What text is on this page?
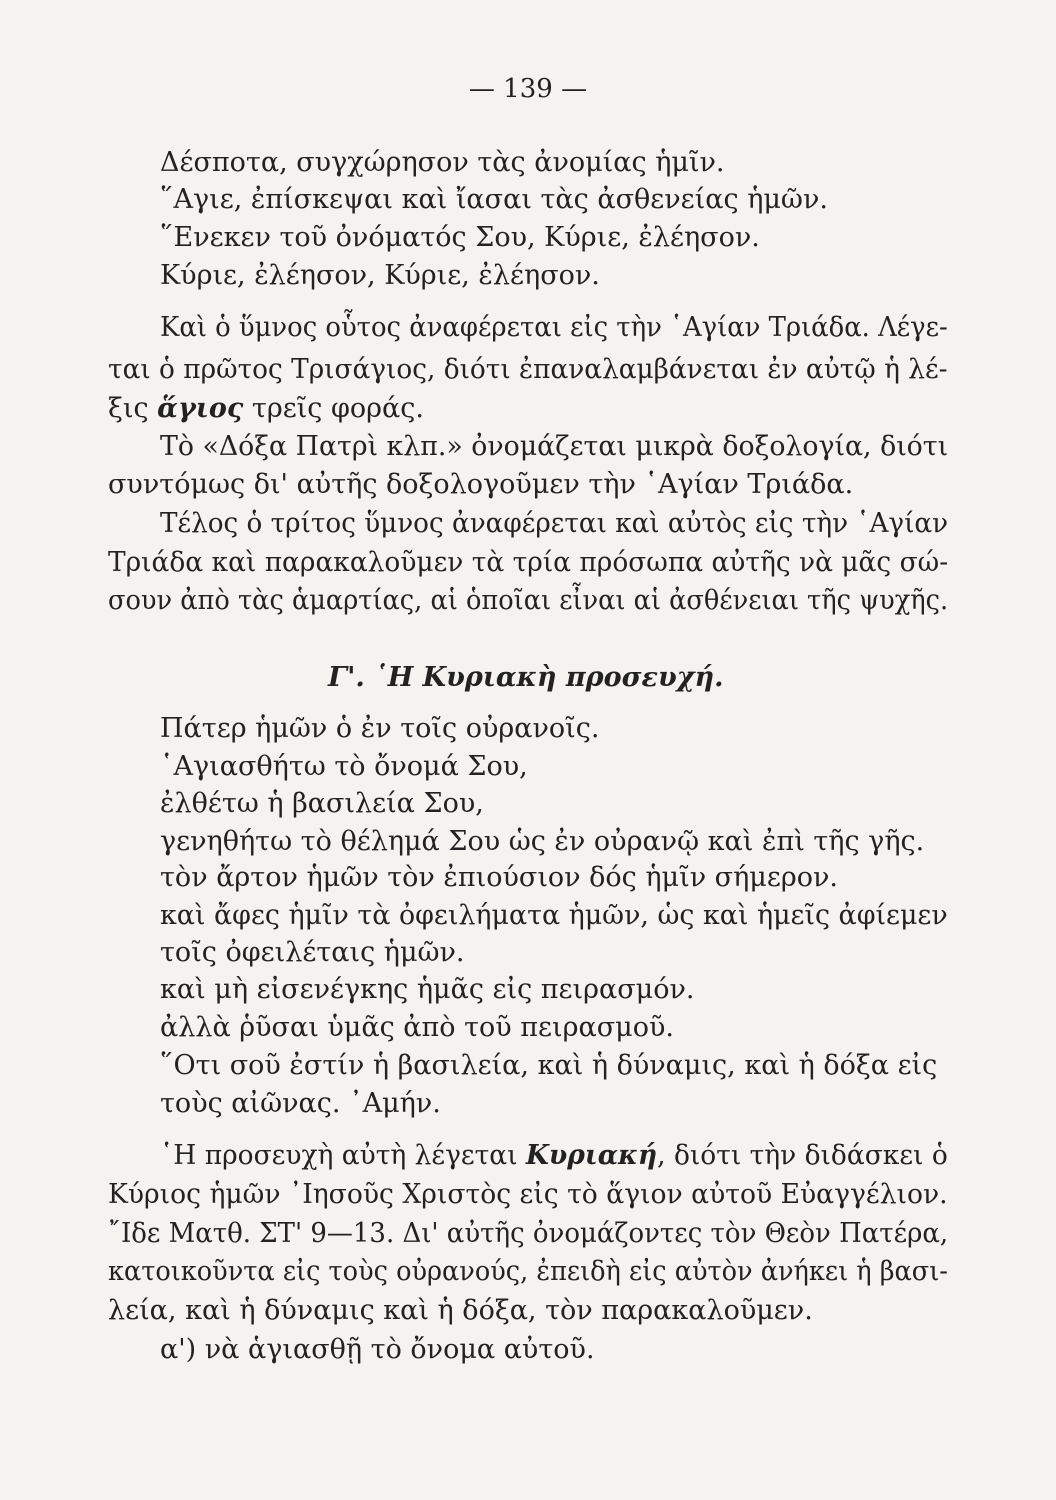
— 139 —

Δέσποτα, συγχώρησον τὰς ἀνομίας ἡμῖν.

῞Αγιε, ἐπίσκεψαι καὶ ἴασαι τὰς ἀσθενείας ἡμῶν.

῞Ενεκεν τοῦ ὀνόματός Σου, Κύριε, ἐλέησον.

Κύριε, ἐλέησον, Κύριε, ἐλέησον.

Καὶ ὁ ὕμνος οὗτος ἀναφέρεται εἰς τὴν ῾Αγίαν Τριάδα. Λέγε-

ται ὁ πρῶτος Τρισάγιος, διότι ἐπαναλαμβάνεται ἐν αὐτῷ ἡ λέ-

ξις ἅγιος τρεῖς φοράς.

Τὸ «Δόξα Πατρὶ κλπ.» ὀνομάζεται μικρὰ δοξολογία, διότι

συντόμως δι' αὐτῆς δοξολογοῦμεν τὴν ῾Αγίαν Τριάδα.

Τέλος ὁ τρίτος ὕμνος ἀναφέρεται καὶ αὐτὸς εἰς τὴν ῾Αγίαν

Τριάδα καὶ παρακαλοῦμεν τὰ τρία πρόσωπα αὐτῆς νὰ μᾶς σώ-

σουν ἀπὸ τὰς ἁμαρτίας, αἱ ὁποῖαι εἶναι αἱ ἀσθένειαι τῆς ψυχῆς.

Γ'. ῾Η Κυριακὴ προσευχή.

Πάτερ ἡμῶν ὁ ἐν τοῖς οὐρανοῖς.

῾Αγιασθήτω τὸ ὄνομά Σου,

ἐλθέτω ἡ βασιλεία Σου,

γενηθήτω τὸ θέλημά Σου ὡς ἐν οὐρανῷ καὶ ἐπὶ τῆς γῆς.

τὸν ἄρτον ἡμῶν τὸν ἐπιούσιον δός ἡμῖν σήμερον.

καὶ ἄφες ἡμῖν τὰ ὀφειλήματα ἡμῶν, ὡς καὶ ἡμεῖς ἀφίεμεν

τοῖς ὀφειλέταις ἡμῶν.

καὶ μὴ εἰσενέγκης ἡμᾶς εἰς πειρασμόν.

ἀλλὰ ῥῦσαι ὑμᾶς ἀπὸ τοῦ πειρασμοῦ.

῞Οτι σοῦ ἐστίν ἡ βασιλεία, καὶ ἡ δύναμις, καὶ ἡ δόξα εἰς

τοὺς αἰῶνας. ᾿Αμήν.

῾Η προσευχὴ αὐτὴ λέγεται Κυριακή, διότι τὴν διδάσκει ὁ

Κύριος ἡμῶν ᾿Ιησοῦς Χριστὸς εἰς τὸ ἅγιον αὐτοῦ Εὐαγγέλιον.

῎Ιδε Ματθ. ΣΤ' 9—13. Δι' αὐτῆς ὀνομάζοντες τὸν Θεὸν Πατέρα,

κατοικοῦντα εἰς τοὺς οὐρανούς, ἐπειδὴ εἰς αὐτὸν ἀνήκει ἡ βασι-

λεία, καὶ ἡ δύναμις καὶ ἡ δόξα, τὸν παρακαλοῦμεν.

α') νὰ ἁγιασθῇ τὸ ὄνομα αὐτοῦ.
